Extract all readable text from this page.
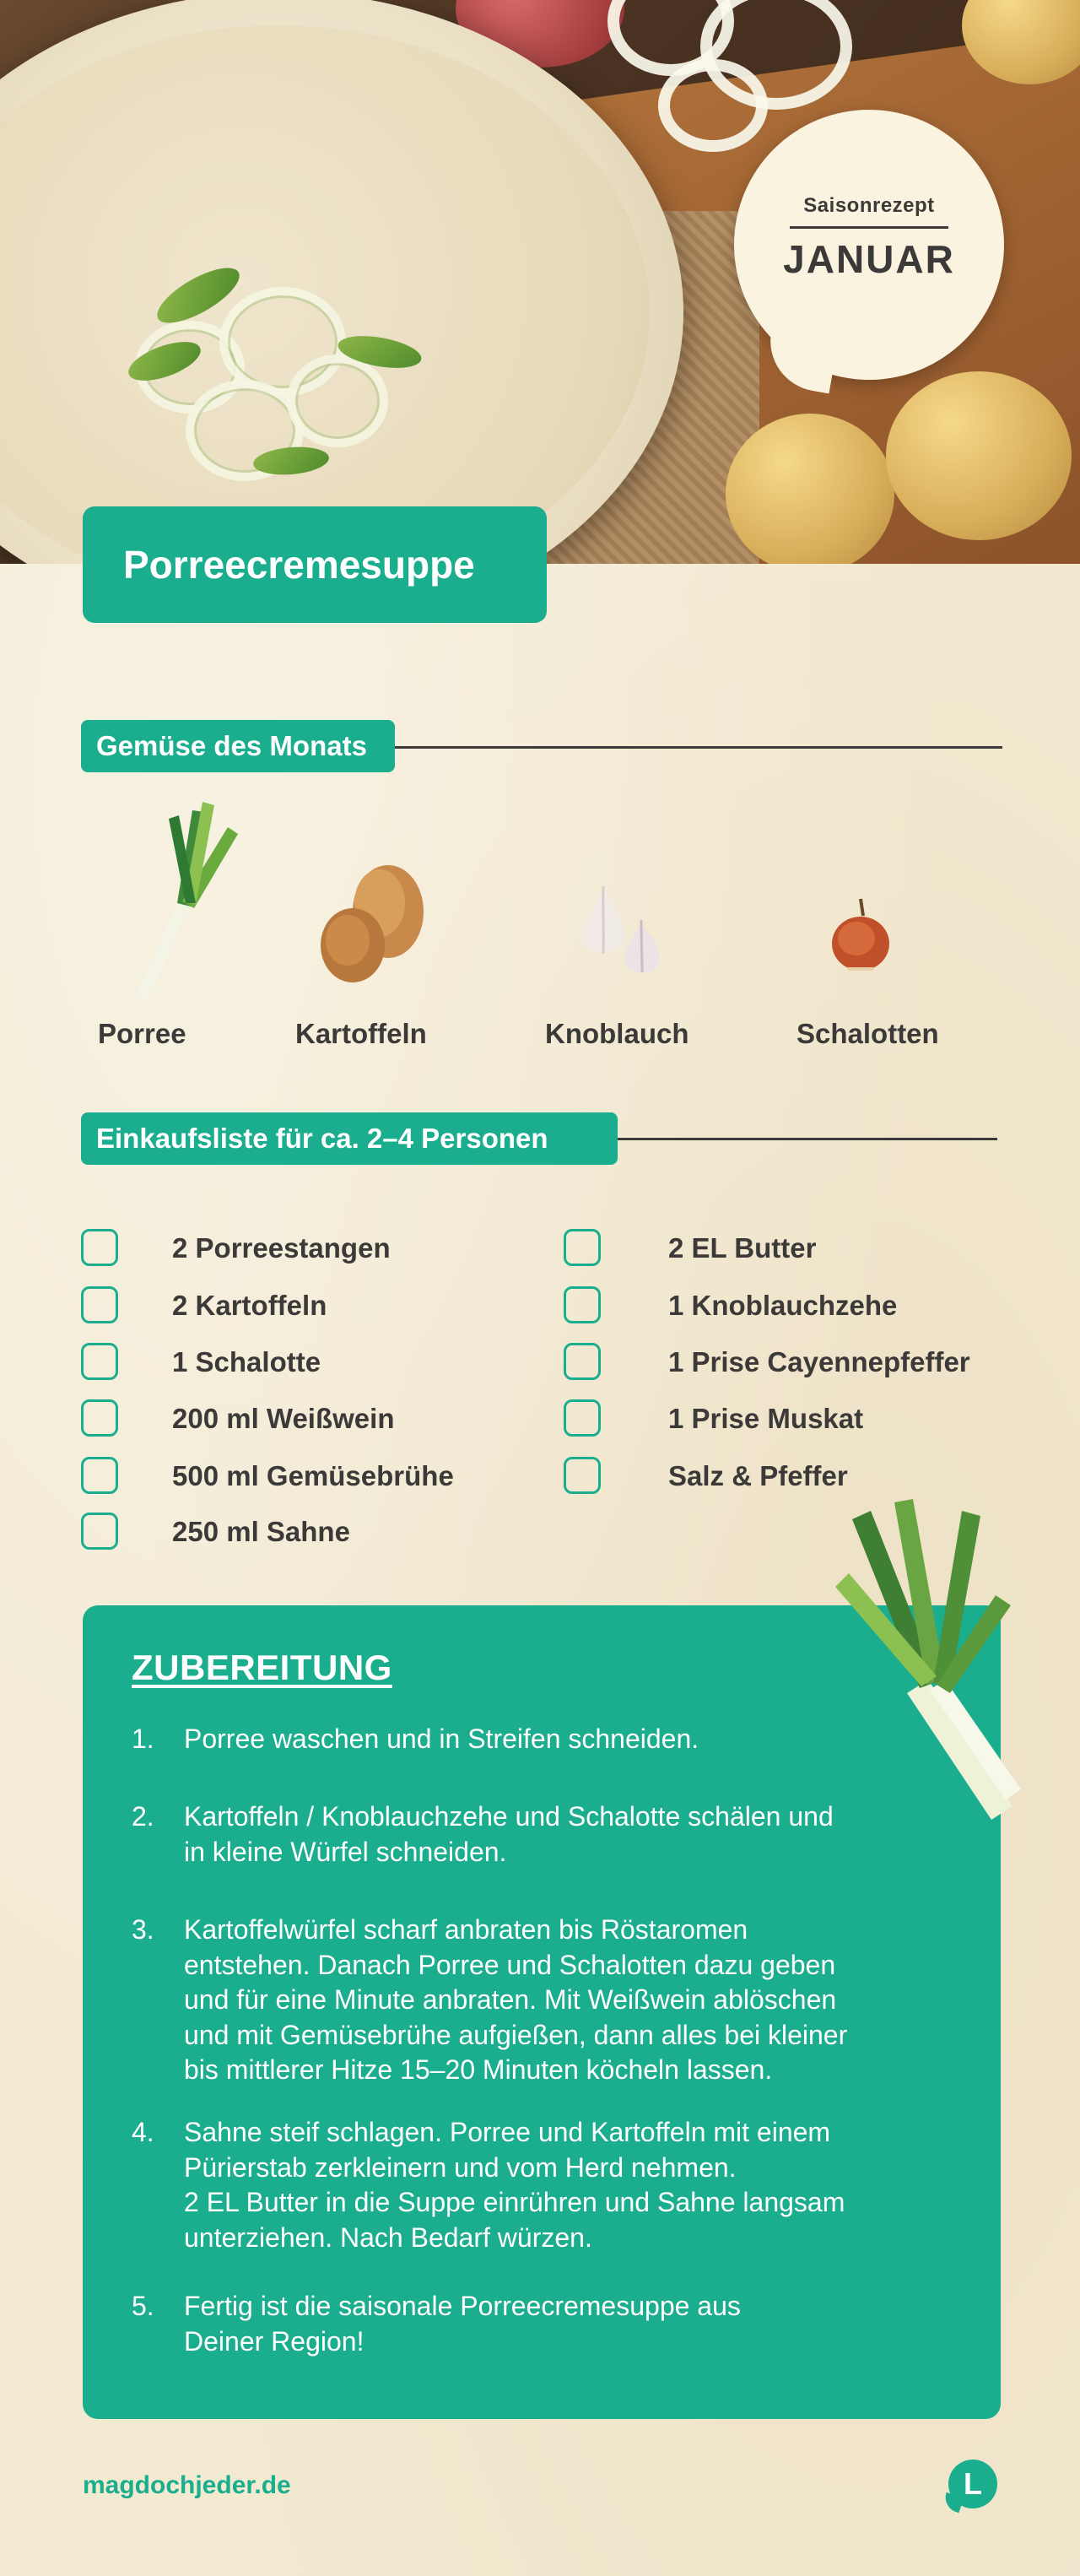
Saisonrezept
JANUAR
Porreecremesuppe
Gemüse des Monats
Porree	Kartoffeln	Knoblauch	Schalotten
Einkaufsliste für ca. 2–4 Personen
2 Porreestangen
2 Kartoffeln
1 Schalotte
200 ml Weißwein
500 ml Gemüsebrühe
250 ml Sahne
2 EL Butter
1 Knoblauchzehe
1 Prise Cayennepfeffer
1 Prise Muskat
Salz & Pfeffer
ZUBEREITUNG
1.	Porree waschen und in Streifen schneiden.
2.	Kartoffeln / Knoblauchzehe und Schalotte schälen und
in kleine Würfel schneiden.
3.	Kartoffelwürfel scharf anbraten bis Röstaromen
entstehen. Danach Porree und Schalotten dazu geben
und für eine Minute anbraten. Mit Weißwein ablöschen
und mit Gemüsebrühe aufgießen, dann alles bei kleiner
bis mittlerer Hitze 15–20 Minuten köcheln lassen.
4.	Sahne steif schlagen. Porree und Kartoffeln mit einem
Pürierstab zerkleinern und vom Herd nehmen.
2 EL Butter in die Suppe einrühren und Sahne langsam
unterziehen. Nach Bedarf würzen.
5.	Fertig ist die saisonale Porreecremesuppe aus
Deiner Region!
magdochjeder.de	L
